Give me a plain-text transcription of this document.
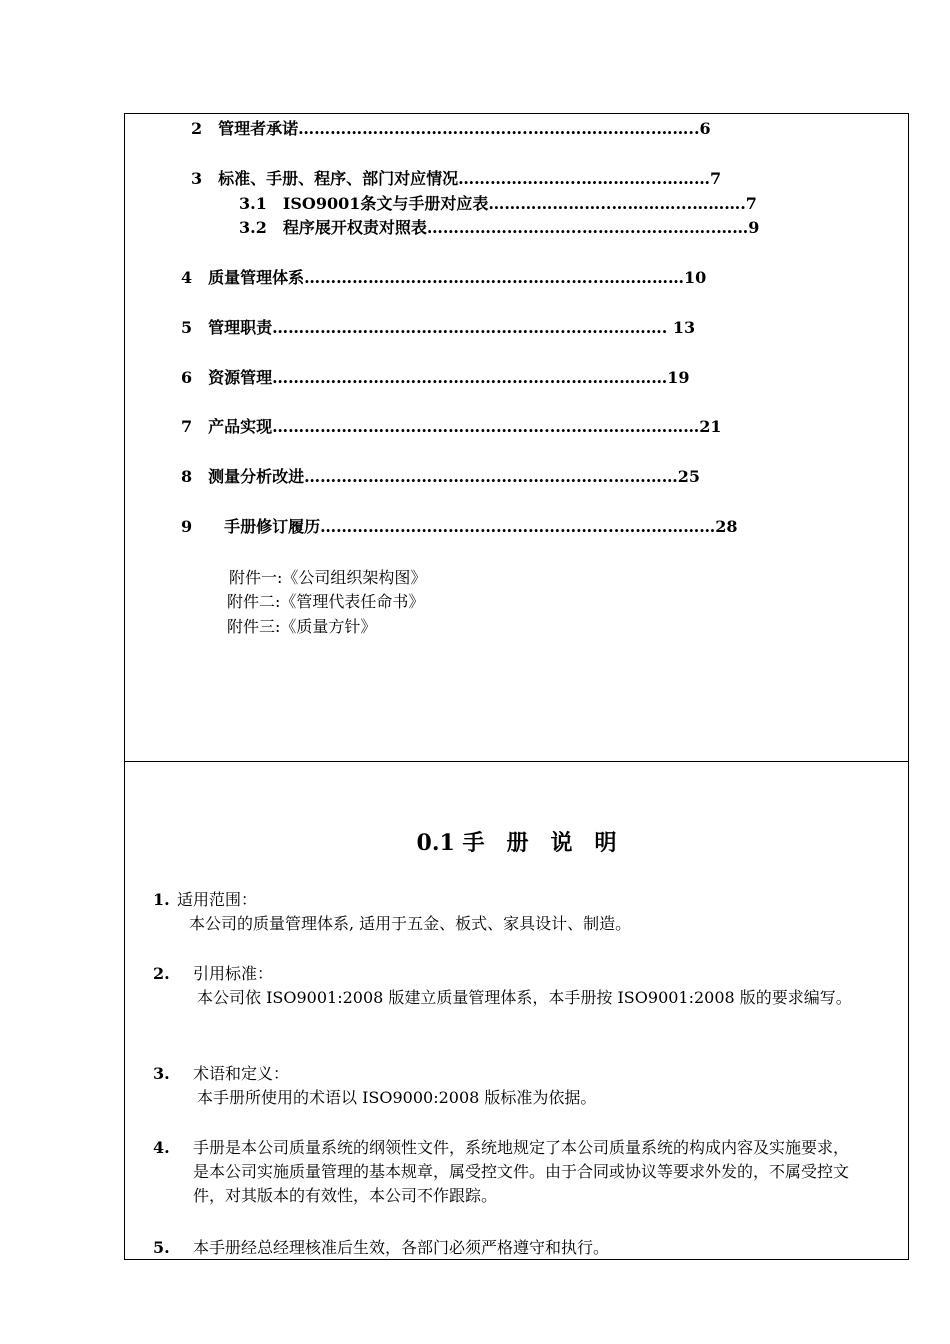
2　管理者承诺……………………………………..…………………..……..6
3　标准、手册、程序、部门对应情况…………………..…………...………7
3.1　ISO9001条文与手册对应表…………………..…………...……….7
3.2　程序展开权责对照表………………………..………..…………..……9
4　质量管理体系…………………………………………..…...……………10
5　管理职责……………………………………………….………………. 13
6　资源管理……………………………………………..…………………19
7　产品实现……………………………………………..………………………21
8　测量分析改进………………………………………………….…………25
9　　手册修订履历………………………………………………..………………28
附件一:《公司组织架构图》
附件二:《管理代表任命书》
附件三:《质量方针》
0.1 手　册　说　明
1. 适用范围：
本公司的质量管理体系, 适用于五金、板式、家具设计、制造。
2. 引用标准：
本公司依 ISO9001:2008 版建立质量管理体系，本手册按 ISO9001:2008 版的要求编写。
3. 术语和定义：
本手册所使用的术语以 ISO9000:2008 版标准为依据。
4.	手册是本公司质量系统的纲领性文件，系统地规定了本公司质量系统的构成内容及实施要求， 是本公司实施质量管理的基本规章，属受控文件。由于合同或协议等要求外发的，不属受控文件，对其版本的有效性，本公司不作跟踪。
5.	本手册经总经理核准后生效，各部门必须严格遵守和执行。
